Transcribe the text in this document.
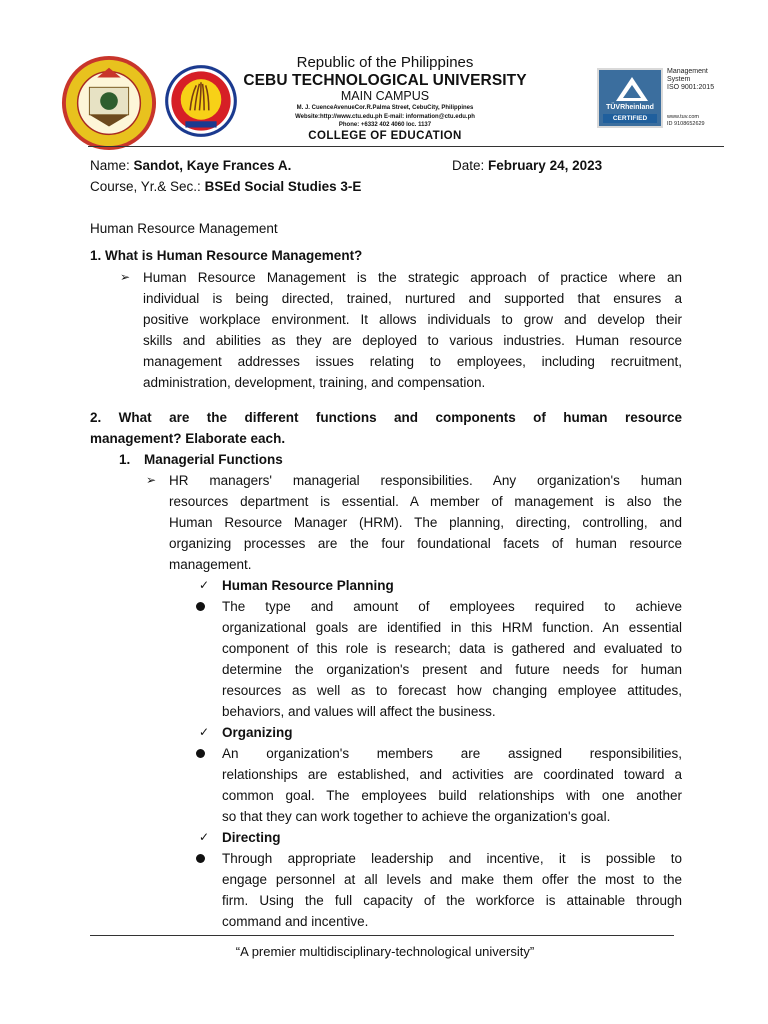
Republic of the Philippines
CEBU TECHNOLOGICAL UNIVERSITY
MAIN CAMPUS
M. J. CuenceAvenueCor.R.Palma Street, CebuCity, Philippines
Website:http://www.ctu.edu.ph E-mail: information@ctu.edu.ph
Phone: +6332 402 4060 loc. 1137
TÜVRheinland
CERTIFIED
Management
System
ISO 9001:2015
www.tuv.com
ID 9108652629
COLLEGE OF EDUCATION
Name: Sandot, Kaye Frances A.	Date: February 24, 2023
Course, Yr.& Sec.: BSEd Social Studies 3-E
Human Resource Management
1. What is Human Resource Management?
➢ Human Resource Management is the strategic approach of practice where an
individual is being directed, trained, nurtured and supported that ensures a
positive workplace environment. It allows individuals to grow and develop their
skills and abilities as they are deployed to various industries. Human resource
management addresses issues relating to employees, including recruitment,
administration, development, training, and compensation.
2. What are the different functions and components of human resource
management? Elaborate each.
1. Managerial Functions
➢ HR managers' managerial responsibilities. Any organization's human
resources department is essential. A member of management is also the
Human Resource Manager (HRM). The planning, directing, controlling, and
organizing processes are the four foundational facets of human resource
management.
✓ Human Resource Planning
The type and amount of employees required to achieve
organizational goals are identified in this HRM function. An essential
component of this role is research; data is gathered and evaluated to
determine the organization's present and future needs for human
resources as well as to forecast how changing employee attitudes,
behaviors, and values will affect the business.
✓ Organizing
An organization's members are assigned responsibilities,
relationships are established, and activities are coordinated toward a
common goal. The employees build relationships with one another
so that they can work together to achieve the organization's goal.
✓ Directing
Through appropriate leadership and incentive, it is possible to
engage personnel at all levels and make them offer the most to the
firm. Using the full capacity of the workforce is attainable through
command and incentive.
“A premier multidisciplinary-technological university”
